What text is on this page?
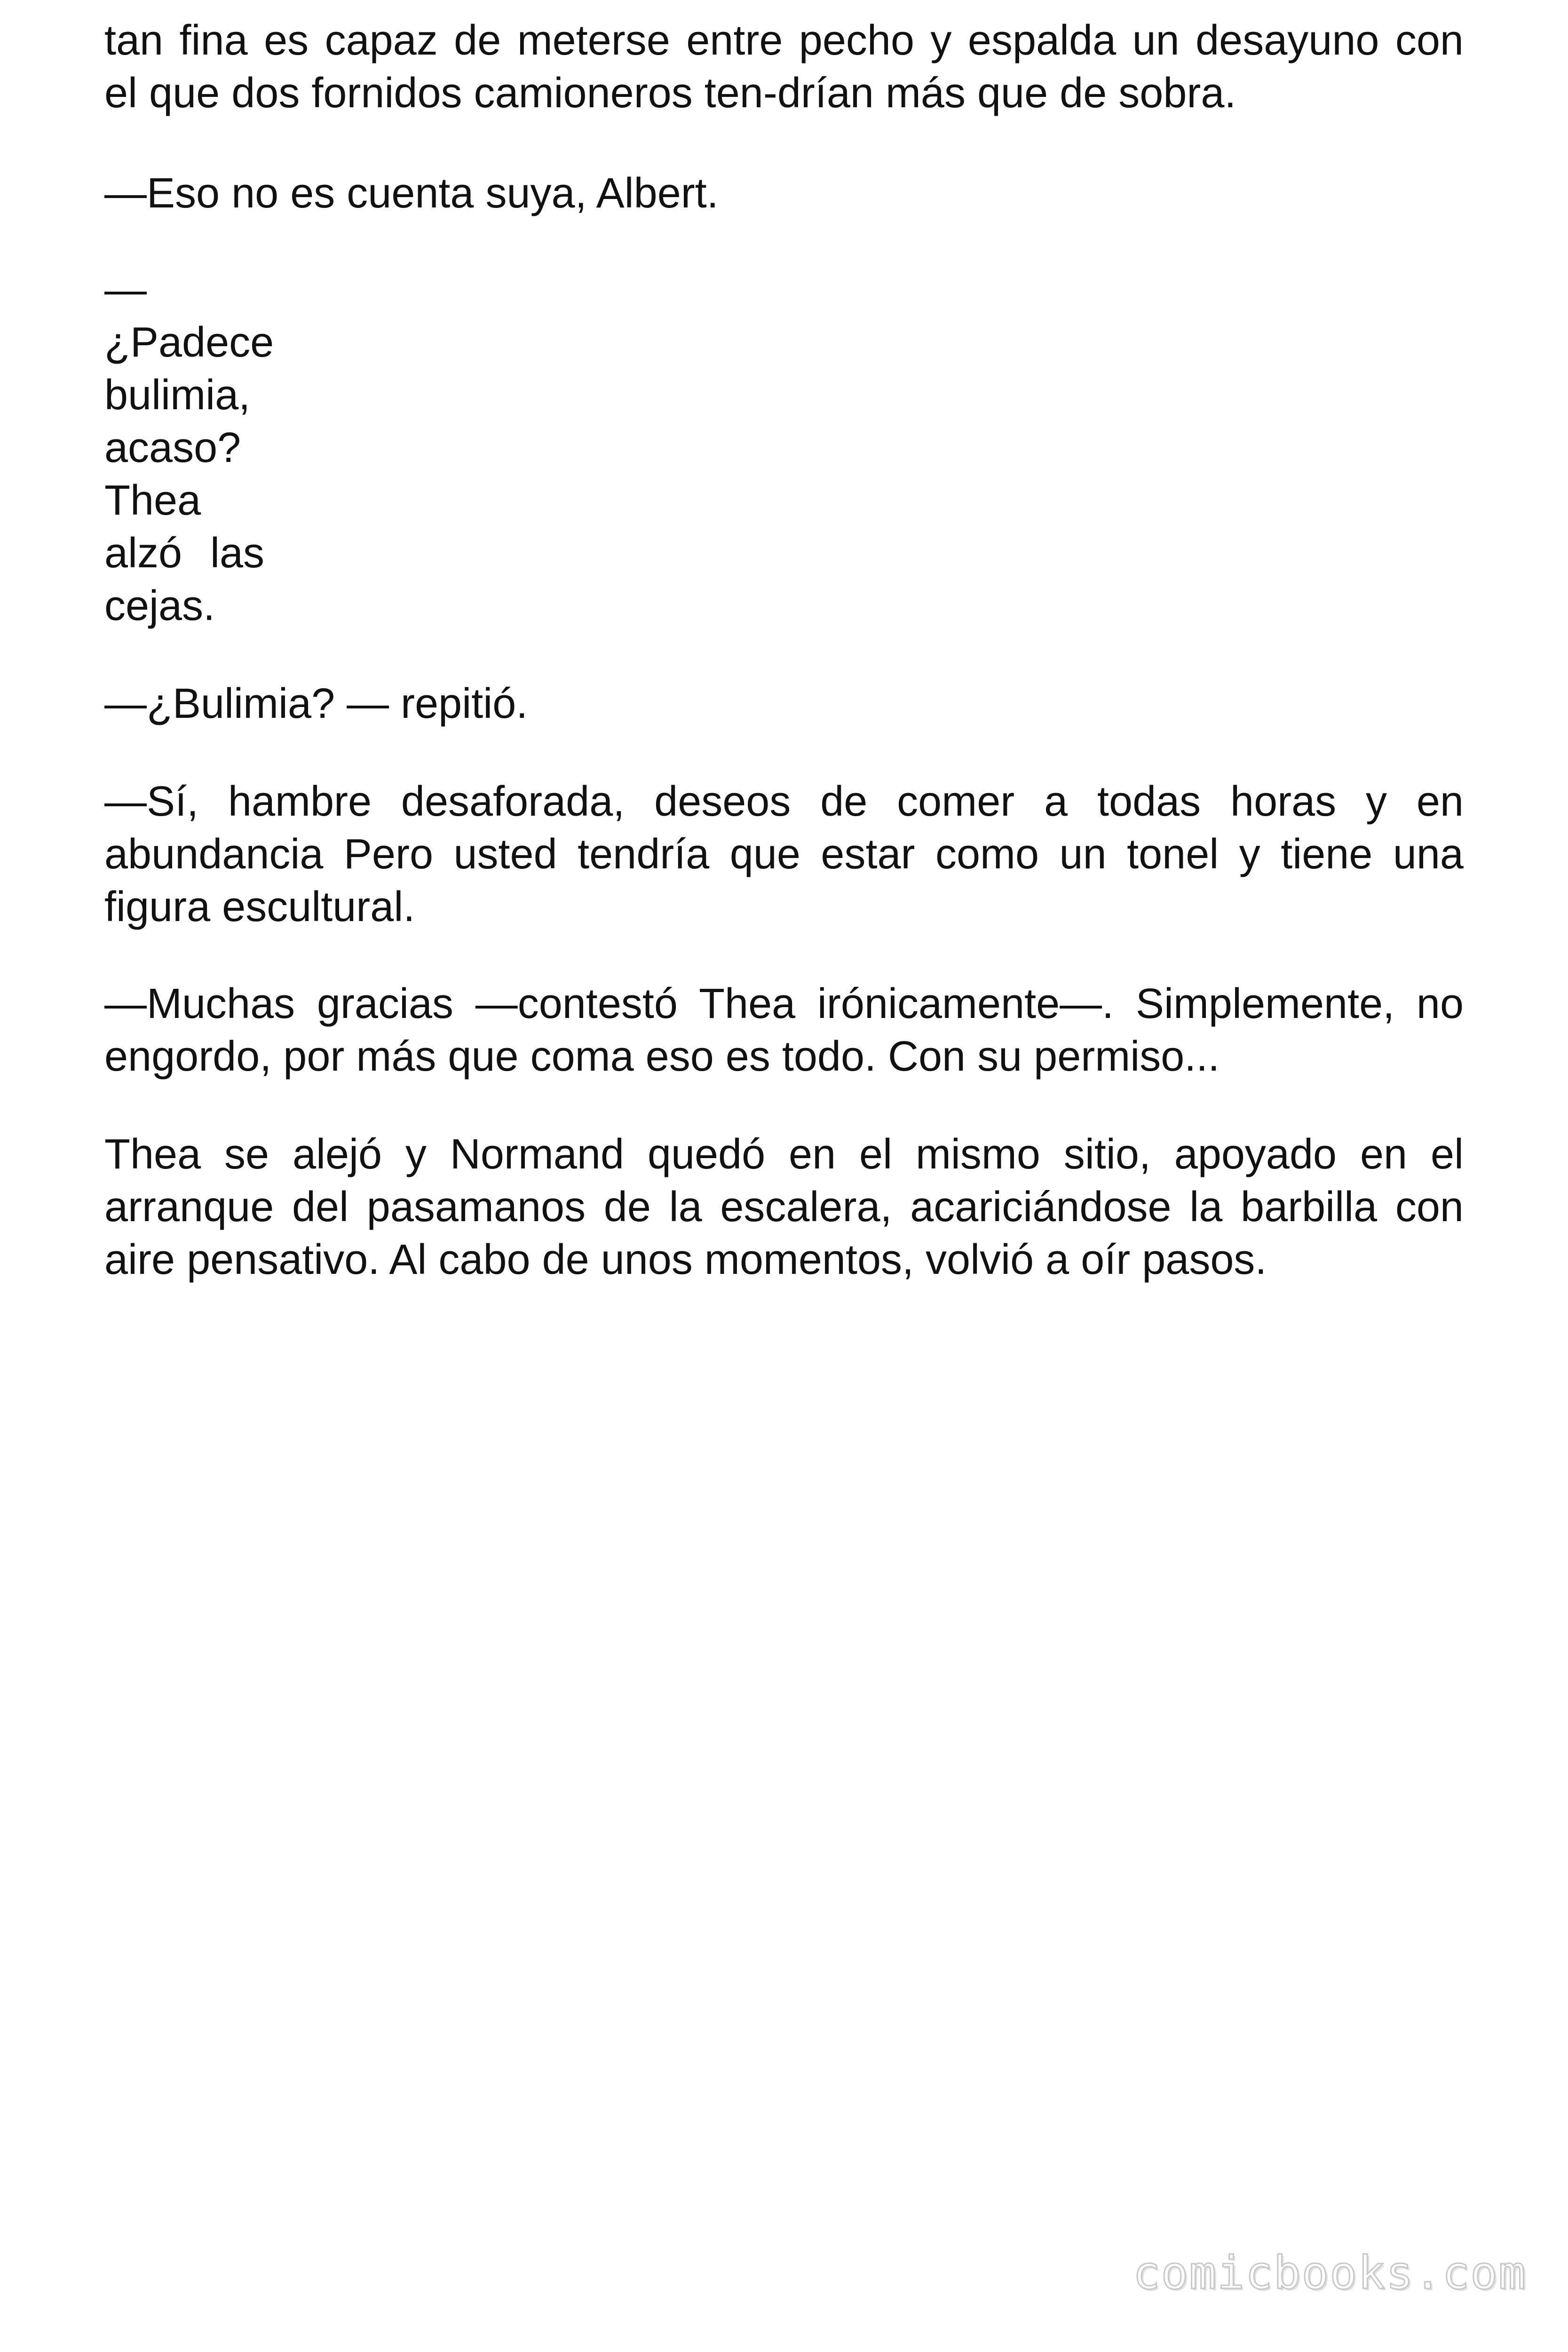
tan fina es capaz de meterse entre pecho y espalda un desayuno con
el que dos fornidos camioneros ten-drían más que de sobra.
—Eso no es cuenta suya, Albert.
—
¿Padece
bulimia,
acaso?
Thea
alzó las
cejas.
—¿Bulimia? — repitió.
—Sí, hambre desaforada, deseos de comer a todas horas y en
abundancia Pero usted tendría que estar como un tonel y tiene una
figura escultural.
—Muchas gracias —contestó Thea irónicamente—. Simplemente, no
engordo, por más que coma eso es todo. Con su permiso...
Thea se alejó y Normand quedó en el mismo sitio, apoyado en el
arranque del pasamanos de la escalera, acariciándose la barbilla con
aire pensativo. Al cabo de unos momentos, volvió a oír pasos.
comicbooks.com
